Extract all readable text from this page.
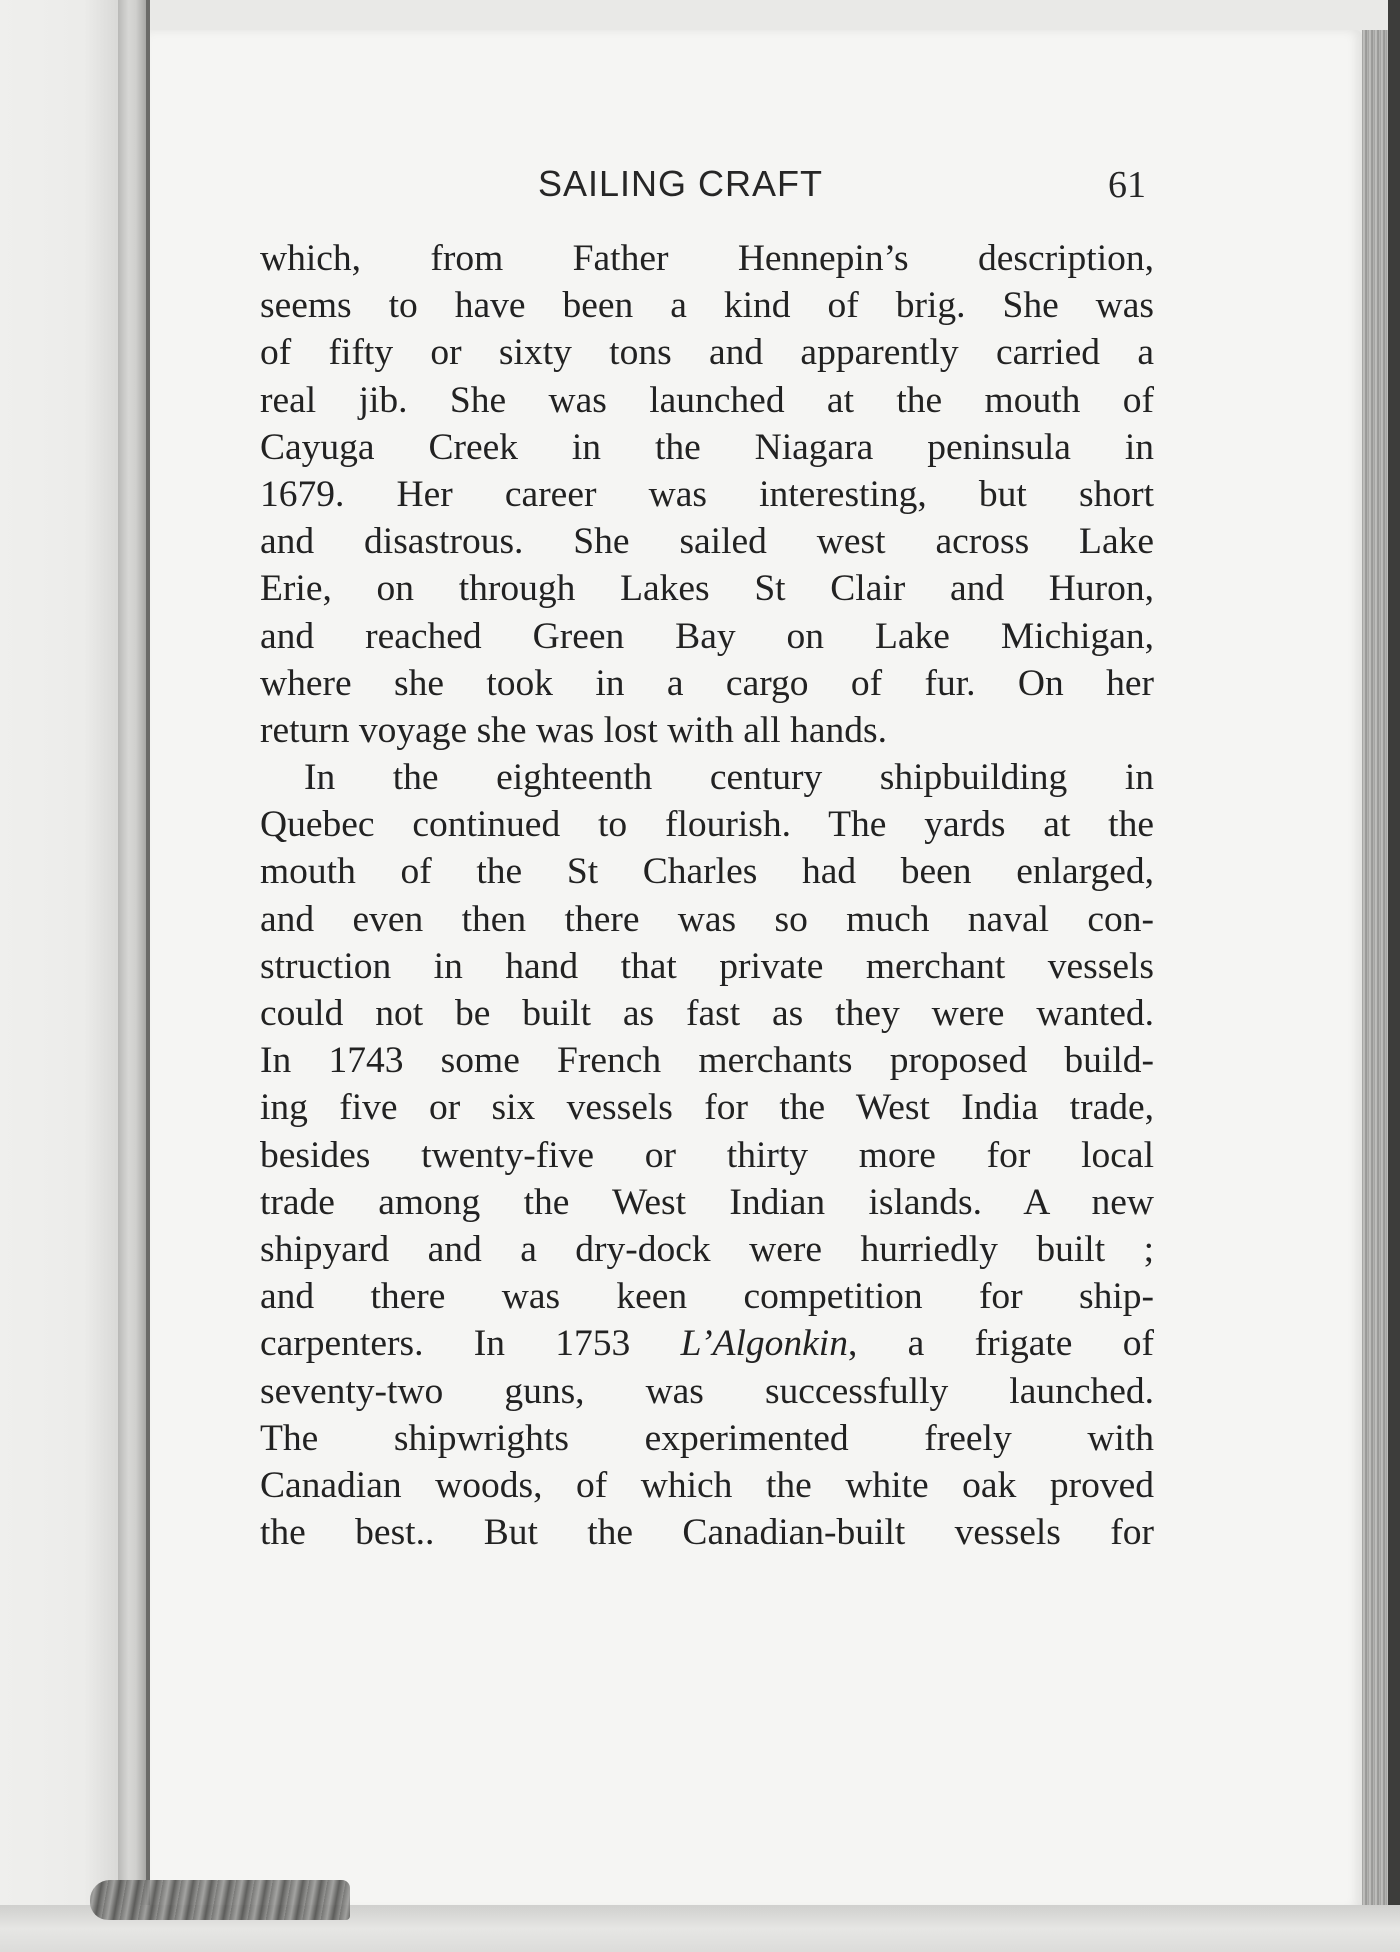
SAILING CRAFT	61
which, from Father Hennepin’s description,
seems to have been a kind of brig. She was
of fifty or sixty tons and apparently carried a
real jib. She was launched at the mouth of
Cayuga Creek in the Niagara peninsula in
1679. Her career was interesting, but short
and disastrous. She sailed west across Lake
Erie, on through Lakes St Clair and Huron,
and reached Green Bay on Lake Michigan,
where she took in a cargo of fur. On her
return voyage she was lost with all hands.
In the eighteenth century shipbuilding in
Quebec continued to flourish. The yards at the
mouth of the St Charles had been enlarged,
and even then there was so much naval con-
struction in hand that private merchant vessels
could not be built as fast as they were wanted.
In 1743 some French merchants proposed build-
ing five or six vessels for the West India trade,
besides twenty-five or thirty more for local
trade among the West Indian islands. A new
shipyard and a dry-dock were hurriedly built ;
and there was keen competition for ship-
carpenters. In 1753 L’Algonkin, a frigate of
seventy-two guns, was successfully launched.
The shipwrights experimented freely with
Canadian woods, of which the white oak proved
the best.. But the Canadian-built vessels for
